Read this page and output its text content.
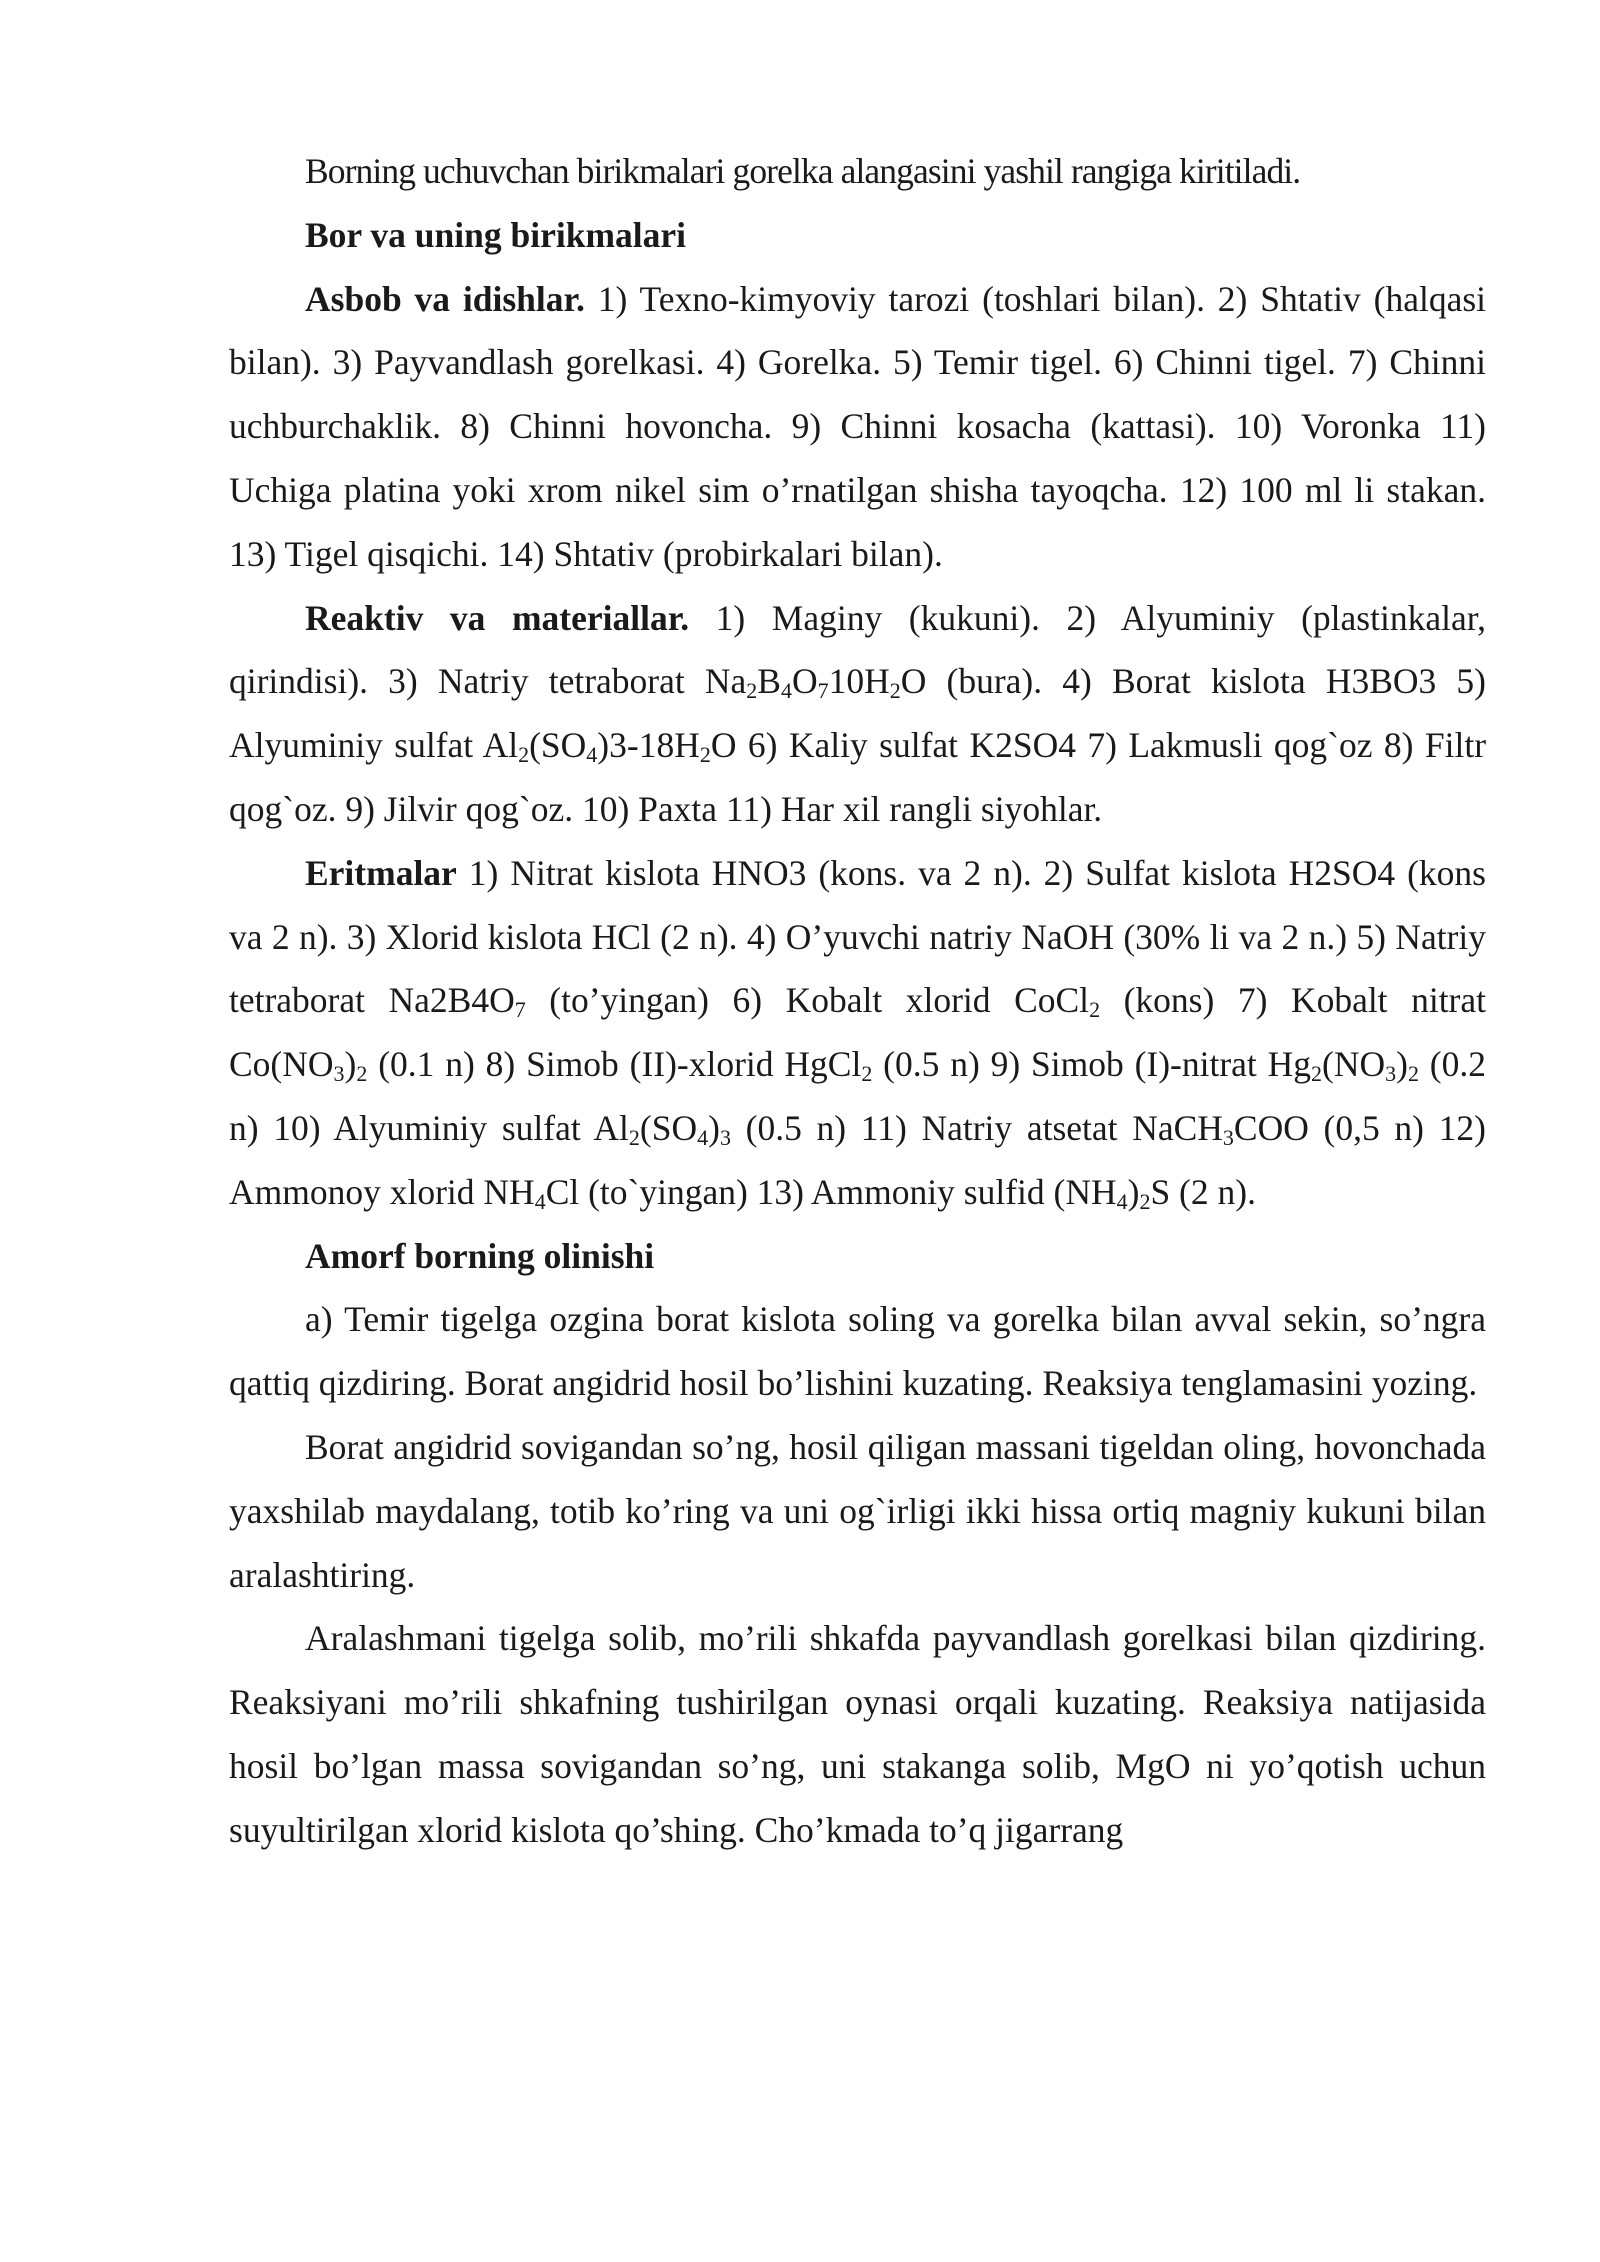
Borning uchuvchan birikmalari gorelka alangasini yashil rangiga kiritiladi.

Bor va uning birikmalari

Asbob va idishlar. 1) Texno-kimyoviy tarozi (toshlari bilan). 2) Shtativ (halqasi bilan). 3) Payvandlash gorelkasi. 4) Gorelka. 5) Temir tigel. 6) Chinni tigel. 7) Chinni uchburchaklik. 8) Chinni hovoncha. 9) Chinni kosacha (kattasi). 10) Voronka 11) Uchiga platina yoki xrom nikel sim o’rnatilgan shisha tayoqcha. 12) 100 ml li stakan. 13) Tigel qisqichi. 14) Shtativ (probirkalari bilan).

Reaktiv va materiallar. 1) Maginy (kukuni). 2) Alyuminiy (plastinkalar, qirindisi). 3) Natriy tetraborat $Na_2B_4O_710H_2O$ (bura). 4) Borat kislota H3BO3 5) Alyuminiy sulfat $Al_2(SO_4)3-18H_2O$ 6) Kaliy sulfat K2SO4 7) Lakmusli qog`oz 8) Filtr qog`oz. 9) Jilvir qog`oz. 10) Paxta 11) Har xil rangli siyohlar.

Eritmalar 1) Nitrat kislota HNO3 (kons. va 2 n). 2) Sulfat kislota H2SO4 (kons va 2 n). 3) Xlorid kislota HCl (2 n). 4) O’yuvchi natriy NaOH (30% li va 2 n.) 5) Natriy tetraborat $Na2B4O_7$ (to’yingan) 6) Kobalt xlorid CoCl$_2$ (kons) 7) Kobalt nitrat $Co(NO_3)_2$ (0.1 n) 8) Simob (II)-xlorid HgCl$_2$ (0.5 n) 9) Simob (I)-nitrat $Hg_2(NO_3)_2$ (0.2 n) 10) Alyuminiy sulfat $Al_2(SO_4)_3$ (0.5 n) 11) Natriy atsetat NaCH$_3$COO (0,5 n) 12) Ammonoy xlorid $NH_4Cl$ (to`yingan) 13) Ammoniy sulfid $(NH_4)_2S$ (2 n).

Amorf borning olinishi

a) Temir tigelga ozgina borat kislota soling va gorelka bilan avval sekin, so’ngra qattiq qizdiring. Borat angidrid hosil bo’lishini kuzating. Reaksiya tenglamasini yozing.

Borat angidrid sovigandan so’ng, hosil qiligan massani tigeldan oling, hovonchada yaxshilab maydalang, totib ko’ring va uni og`irligi ikki hissa ortiq magniy kukuni bilan aralashtiring.

Aralashmani tigelga solib, mo’rili shkafda payvandlash gorelkasi bilan qizdiring. Reaksiyani mo’rili shkafning tushirilgan oynasi orqali kuzating. Reaksiya natijasida hosil bo’lgan massa sovigandan so’ng, uni stakanga solib, MgO ni yo’qotish uchun suyultirilgan xlorid kislota qo’shing. Cho’kmada to’q jigarrang
